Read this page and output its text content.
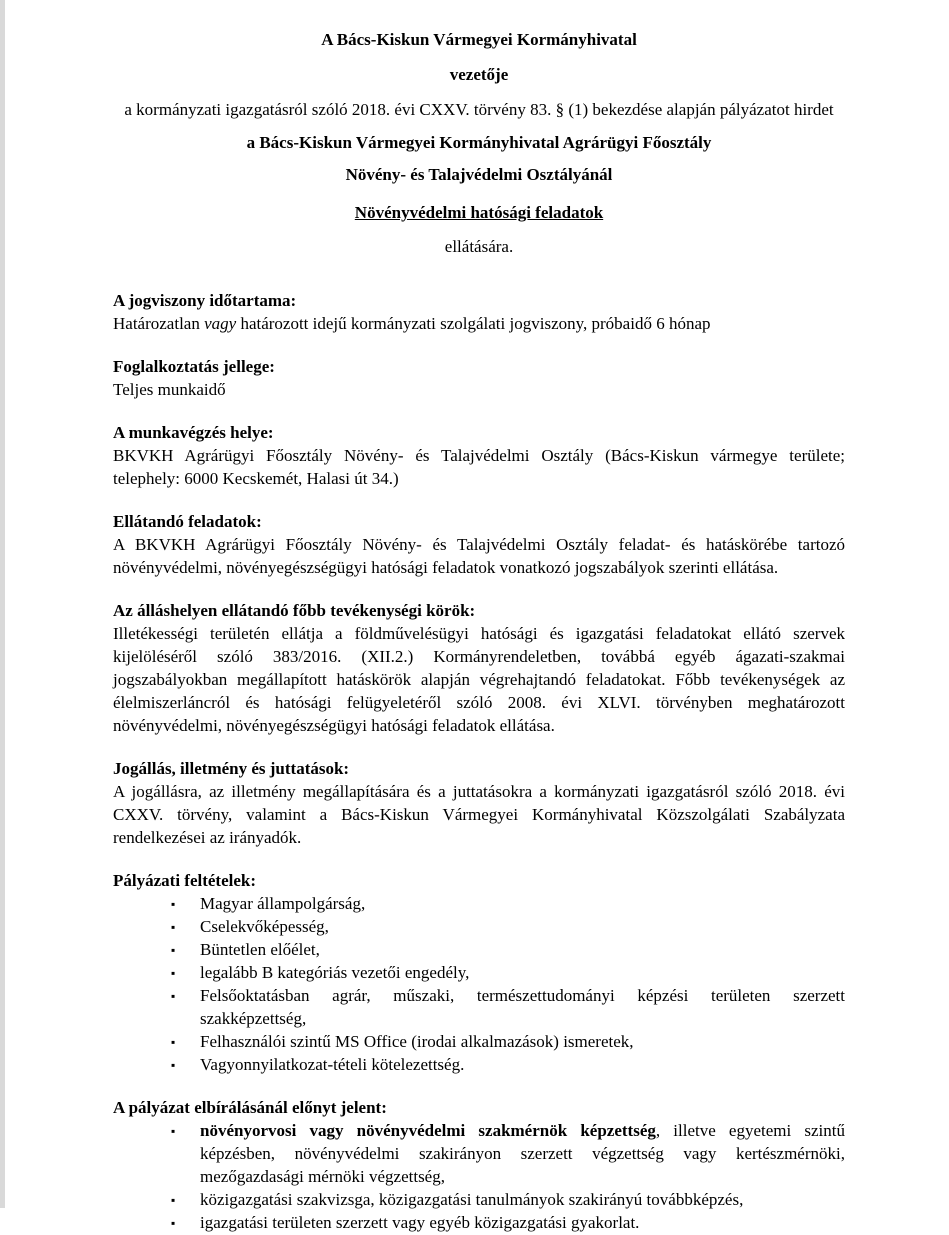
A Bács-Kiskun Vármegyei Kormányhivatal

vezetője

a kormányzati igazgatásról szóló 2018. évi CXXV. törvény 83. § (1) bekezdése alapján pályázatot hirdet

a Bács-Kiskun Vármegyei Kormányhivatal Agrárügyi Főosztály

Növény- és Talajvédelmi Osztályánál

Növényvédelmi hatósági feladatok

ellátására.

A jogviszony időtartama:

Határozatlan vagy határozott idejű kormányzati szolgálati jogviszony, próbaidő 6 hónap

Foglalkoztatás jellege:

Teljes munkaidő

A munkavégzés helye:

BKVKH Agrárügyi Főosztály Növény- és Talajvédelmi Osztály (Bács-Kiskun vármegye területe; telephely: 6000 Kecskemét, Halasi út 34.)

Ellátandó feladatok:

A BKVKH Agrárügyi Főosztály Növény- és Talajvédelmi Osztály feladat- és hatáskörébe tartozó növényvédelmi, növényegészségügyi hatósági feladatok vonatkozó jogszabályok szerinti ellátása.

Az álláshelyen ellátandó főbb tevékenységi körök:

Illetékességi területén ellátja a földművelésügyi hatósági és igazgatási feladatokat ellátó szervek kijelöléséről szóló 383/2016. (XII.2.) Kormányrendeletben, továbbá egyéb ágazati-szakmai jogszabályokban megállapított hatáskörök alapján végrehajtandó feladatokat. Főbb tevékenységek az élelmiszerláncról és hatósági felügyeletéről szóló 2008. évi XLVI. törvényben meghatározott növényvédelmi, növényegészségügyi hatósági feladatok ellátása.

Jogállás, illetmény és juttatások:

A jogállásra, az illetmény megállapítására és a juttatásokra a kormányzati igazgatásról szóló 2018. évi CXXV. törvény, valamint a Bács-Kiskun Vármegyei Kormányhivatal Közszolgálati Szabályzata rendelkezései az irányadók.

Pályázati feltételek:
▪ Magyar állampolgárság,
▪ Cselekvőképesség,
▪ Büntetlen előélet,
▪ legalább B kategóriás vezetői engedély,
▪ Felsőoktatásban agrár, műszaki, természettudományi képzési területen szerzett szakképzettség,
▪ Felhasználói szintű MS Office (irodai alkalmazások) ismeretek,
▪ Vagyonnyilatkozat-tételi kötelezettség.
A pályázat elbírálásánál előnyt jelent:
▪ növényorvosi vagy növényvédelmi szakmérnök képzettség, illetve egyetemi szintű képzésben, növényvédelmi szakirányon szerzett végzettség vagy kertészmérnöki, mezőgazdasági mérnöki végzettség,
▪ közigazgatási szakvizsga, közigazgatási tanulmányok szakirányú továbbképzés,
▪ igazgatási területen szerzett vagy egyéb közigazgatási gyakorlat.
